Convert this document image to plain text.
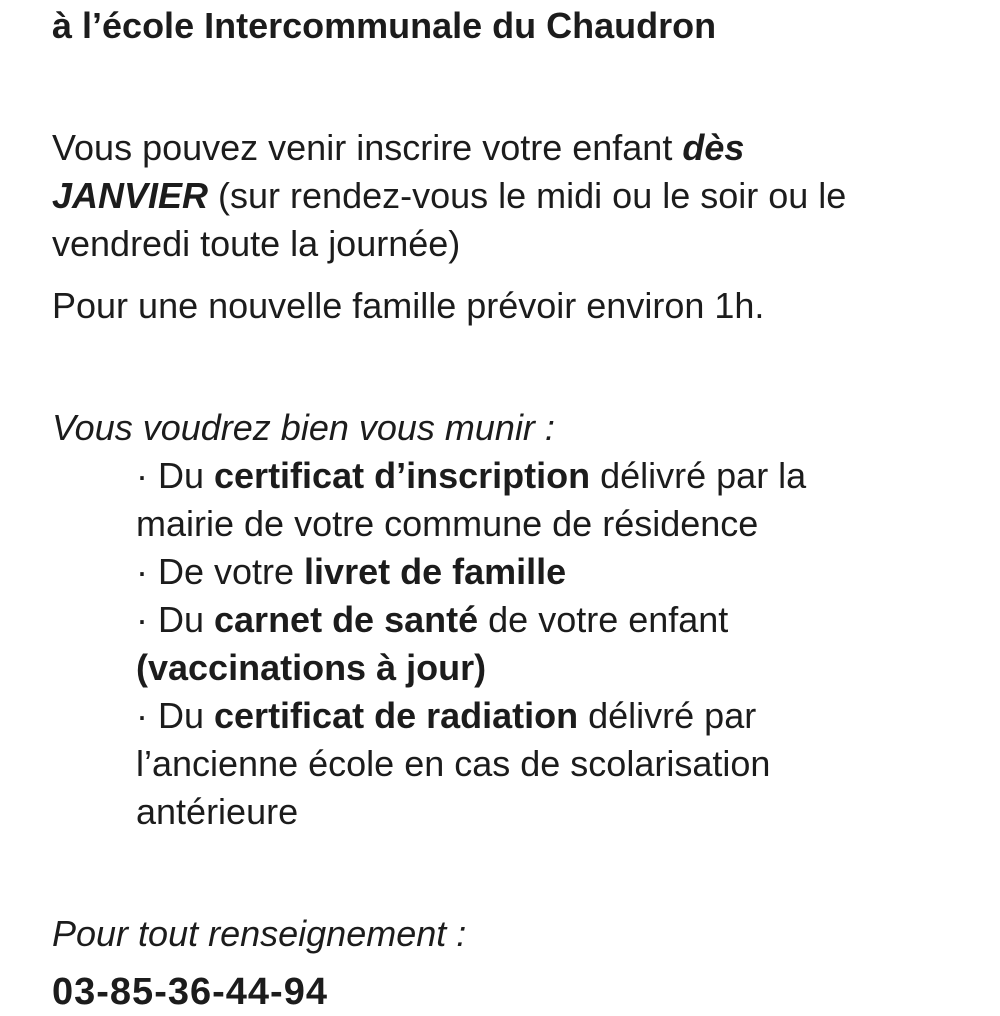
à l’école Intercommunale du Chaudron
Vous pouvez venir inscrire votre enfant dès
JANVIER (sur rendez-vous le midi ou le soir ou le
vendredi toute la journée)
Pour une nouvelle famille prévoir environ 1h.
Vous voudrez bien vous munir :
· Du certificat d’inscription délivré par la
mairie de votre commune de résidence
· De votre livret de famille
· Du carnet de santé de votre enfant
(vaccinations à jour)
· Du certificat de radiation délivré par
l’ancienne école en cas de scolarisation
antérieure
Pour tout renseignement :
03-85-36-44-94
